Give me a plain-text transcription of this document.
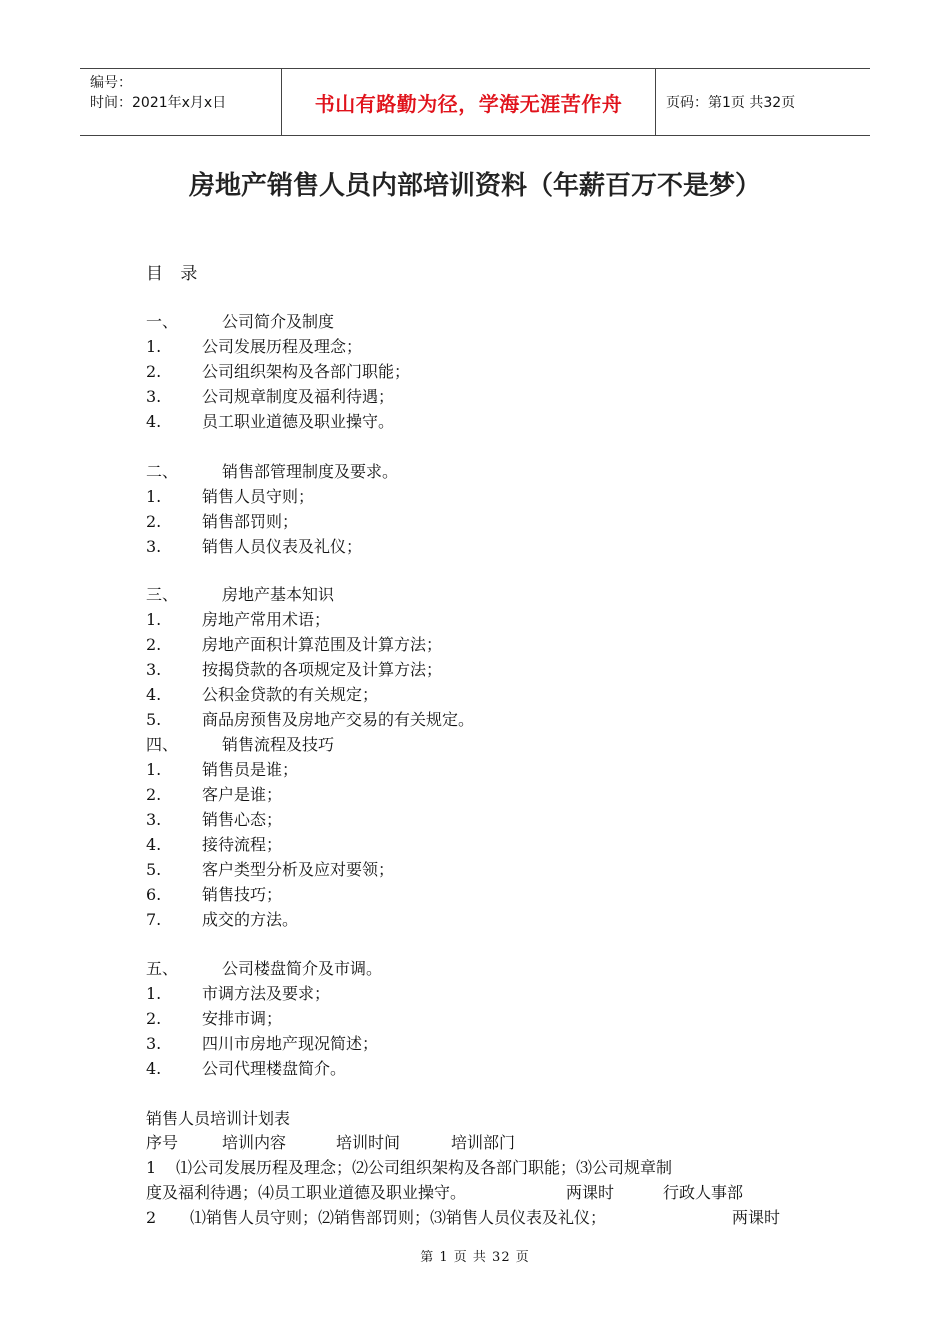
编号：
时间：2021年x月x日	书山有路勤为径，学海无涯苦作舟	页码：第1页 共32页
房地产销售人员内部培训资料（年薪百万不是梦）
目 录
一、	公司简介及制度
1.	公司发展历程及理念；
2.	公司组织架构及各部门职能；
3.	公司规章制度及福利待遇；
4.	员工职业道德及职业操守。
二、	销售部管理制度及要求。
1.	销售人员守则；
2.	销售部罚则；
3.	销售人员仪表及礼仪；
三、	房地产基本知识
1.	房地产常用术语；
2.	房地产面积计算范围及计算方法；
3.	按揭贷款的各项规定及计算方法；
4.	公积金贷款的有关规定；
5.	商品房预售及房地产交易的有关规定。
四、	销售流程及技巧
1.	销售员是谁；
2.	客户是谁；
3.	销售心态；
4.	接待流程；
5.	客户类型分析及应对要领；
6.	销售技巧；
7.	成交的方法。
五、	公司楼盘简介及市调。
1.	市调方法及要求；
2.	安排市调；
3.	四川市房地产现况简述；
4.	公司代理楼盘简介。
销售人员培训计划表
序号	培训内容	培训时间	培训部门
1 ⑴公司发展历程及理念；⑵公司组织架构及各部门职能；⑶公司规章制
度及福利待遇；⑷员工职业道德及职业操守。	两课时	行政人事部
2 ⑴销售人员守则；⑵销售部罚则；⑶销售人员仪表及礼仪；	两课时
第 1 页 共 32 页
